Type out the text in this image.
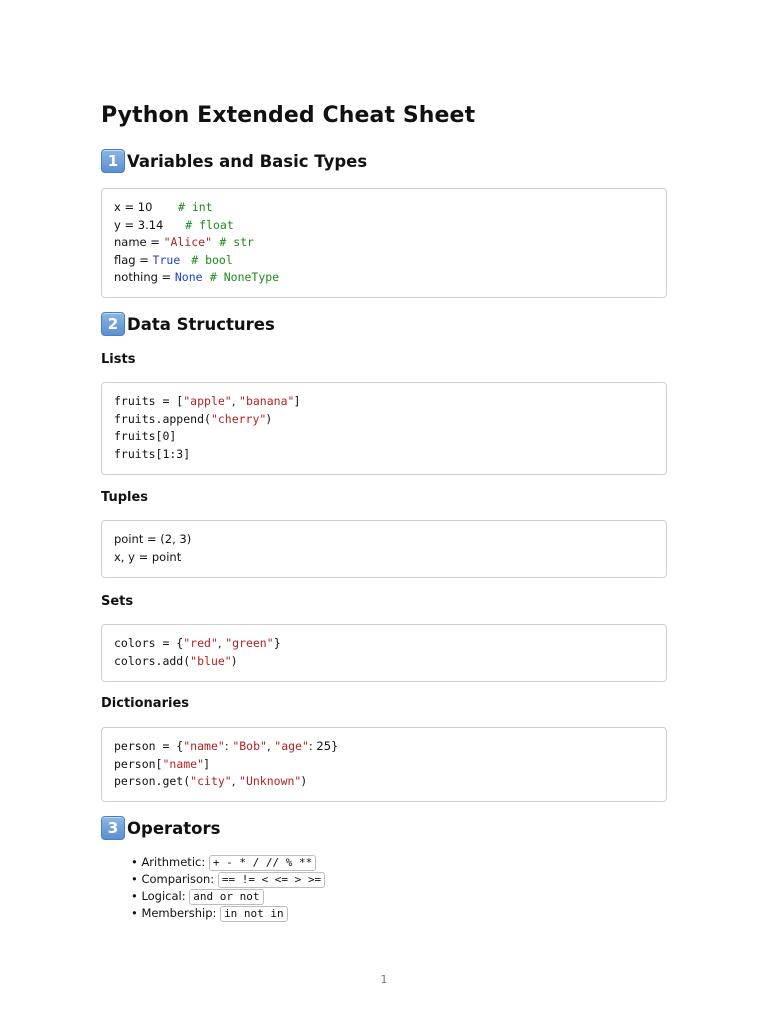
Python Extended Cheat Sheet
1 Variables and Basic Types
x = 10 # int
y = 3.14 # float
name = "Alice" # str
flag = True # bool
nothing = None # NoneType
2 Data Structures
Lists
fruits = ["apple", "banana"]
fruits.append("cherry")
fruits[0]
fruits[1:3]
Tuples
point = (2, 3)
x, y = point
Sets
colors = {"red", "green"}
colors.add("blue")
Dictionaries
person = {"name": "Bob", "age": 25}
person["name"]
person.get("city", "Unknown")
3 Operators
• Arithmetic: + - * / // % **
• Comparison: == != < <= > >=
• Logical: and or not
• Membership: in not in
1
